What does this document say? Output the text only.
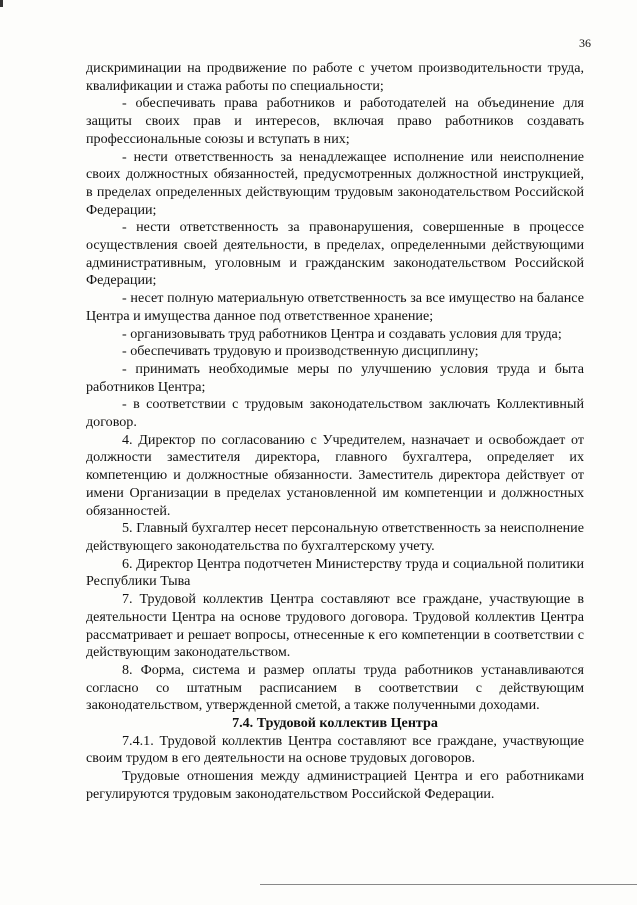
36

дискриминации на продвижение по работе с учетом производительности труда, квалификации и стажа работы по специальности;

- обеспечивать права работников и работодателей на объединение для защиты своих прав и интересов, включая право работников создавать профессиональные союзы и вступать в них;

- нести ответственность за ненадлежащее исполнение или неисполнение своих должностных обязанностей, предусмотренных должностной инструкцией, в пределах определенных действующим трудовым законодательством Российской Федерации;

- нести ответственность за правонарушения, совершенные в процессе осуществления своей деятельности, в пределах, определенными действующими административным, уголовным и гражданским законодательством Российской Федерации;

- несет полную материальную ответственность за все имущество на балансе Центра и имущества данное под ответственное хранение;

- организовывать труд работников Центра и создавать условия для труда;

- обеспечивать трудовую и производственную дисциплину;

- принимать необходимые меры по улучшению условия труда и быта работников Центра;

- в соответствии с трудовым законодательством заключать Коллективный договор.

4. Директор по согласованию с Учредителем, назначает и освобождает от должности заместителя директора, главного бухгалтера, определяет их компетенцию и должностные обязанности. Заместитель директора действует от имени Организации в пределах установленной им компетенции и должностных обязанностей.

5. Главный бухгалтер несет персональную ответственность за неисполнение действующего законодательства по бухгалтерскому учету.

6. Директор Центра подотчетен Министерству труда и социальной политики Республики Тыва

7. Трудовой коллектив Центра составляют все граждане, участвующие в деятельности Центра на основе трудового договора. Трудовой коллектив Центра рассматривает и решает вопросы, отнесенные к его компетенции в соответствии с действующим законодательством.

8. Форма, система и размер оплаты труда работников устанавливаются согласно со штатным расписанием в соответствии с действующим законодательством, утвержденной сметой, а также полученными доходами.

7.4. Трудовой коллектив Центра

7.4.1. Трудовой коллектив Центра составляют все граждане, участвующие своим трудом в его деятельности на основе трудовых договоров.

Трудовые отношения между администрацией Центра и его работниками регулируются трудовым законодательством Российской Федерации.
